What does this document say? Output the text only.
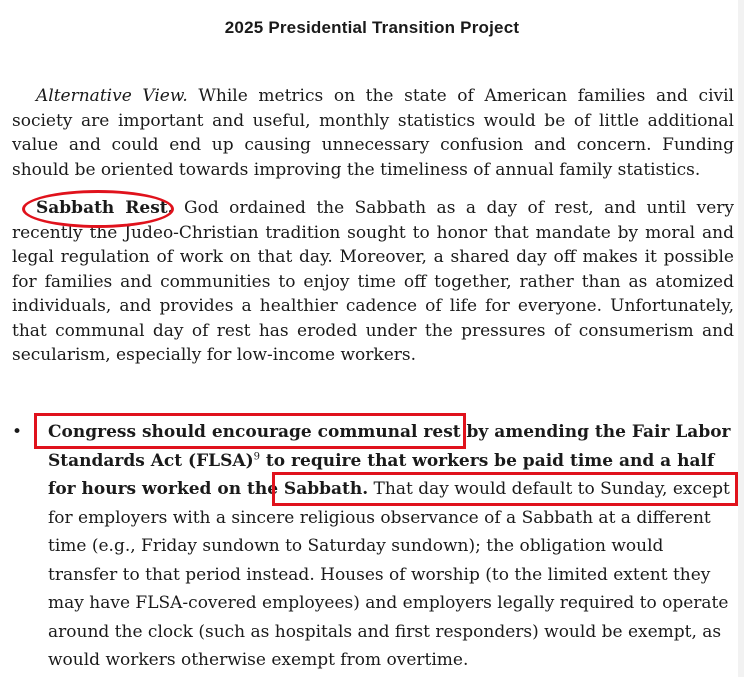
2025 Presidential Transition Project

Alternative View. While metrics on the state of American families and civil society are important and useful, monthly statistics would be of little additional value and could end up causing unnecessary confusion and concern. Funding should be oriented towards improving the timeliness of annual family statistics.

Sabbath Rest. God ordained the Sabbath as a day of rest, and until very recently the Judeo-Christian tradition sought to honor that mandate by moral and legal regulation of work on that day. Moreover, a shared day off makes it possible for families and communities to enjoy time off together, rather than as atomized individuals, and provides a healthier cadence of life for everyone. Unfortunately, that communal day of rest has eroded under the pressures of consumerism and secularism, especially for low-income workers.

• Congress should encourage communal rest by amending the Fair Labor Standards Act (FLSA)$^9$ to require that workers be paid time and a half for hours worked on the Sabbath. That day would default to Sunday, except for employers with a sincere religious observance of a Sabbath at a different time (e.g., Friday sundown to Saturday sundown); the obligation would transfer to that period instead. Houses of worship (to the limited extent they may have FLSA-covered employees) and employers legally required to operate around the clock (such as hospitals and first responders) would be exempt, as would workers otherwise exempt from overtime.
